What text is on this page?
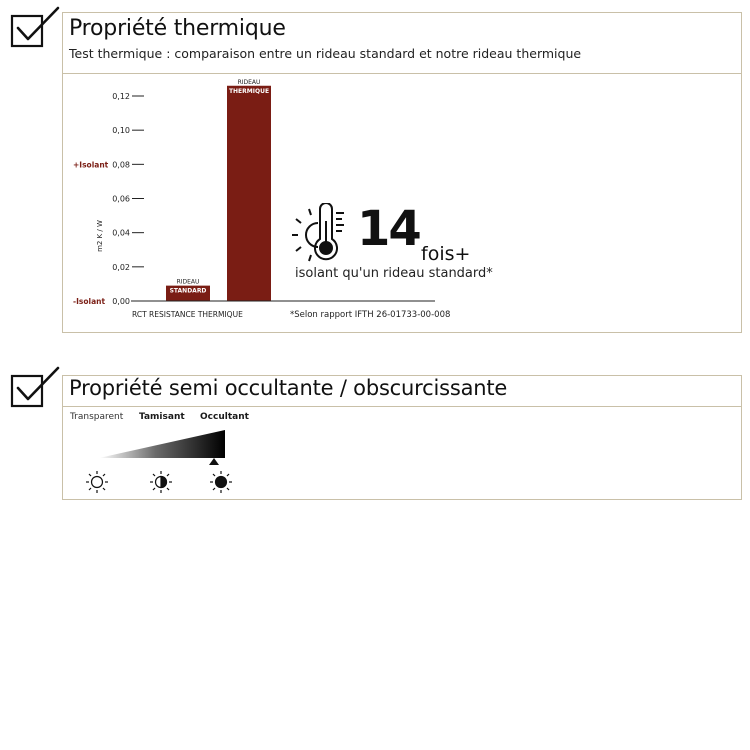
Propriété thermique
Test thermique : comparaison entre un rideau standard et notre rideau thermique
0,00
0,02
0,04
0,06
0,08
0,10
0,12
-Isolant
+Isolant
RIDEAU
STANDARD
RIDEAU
THERMIQUE
RCT RESISTANCE THERMIQUE
m2 K / W	14 fois+
isolant qu'un rideau standard*
*Selon rapport IFTH 26-01733-00-008
Propriété semi occultante / obscurcissante
Transparent Tamisant Occultant
